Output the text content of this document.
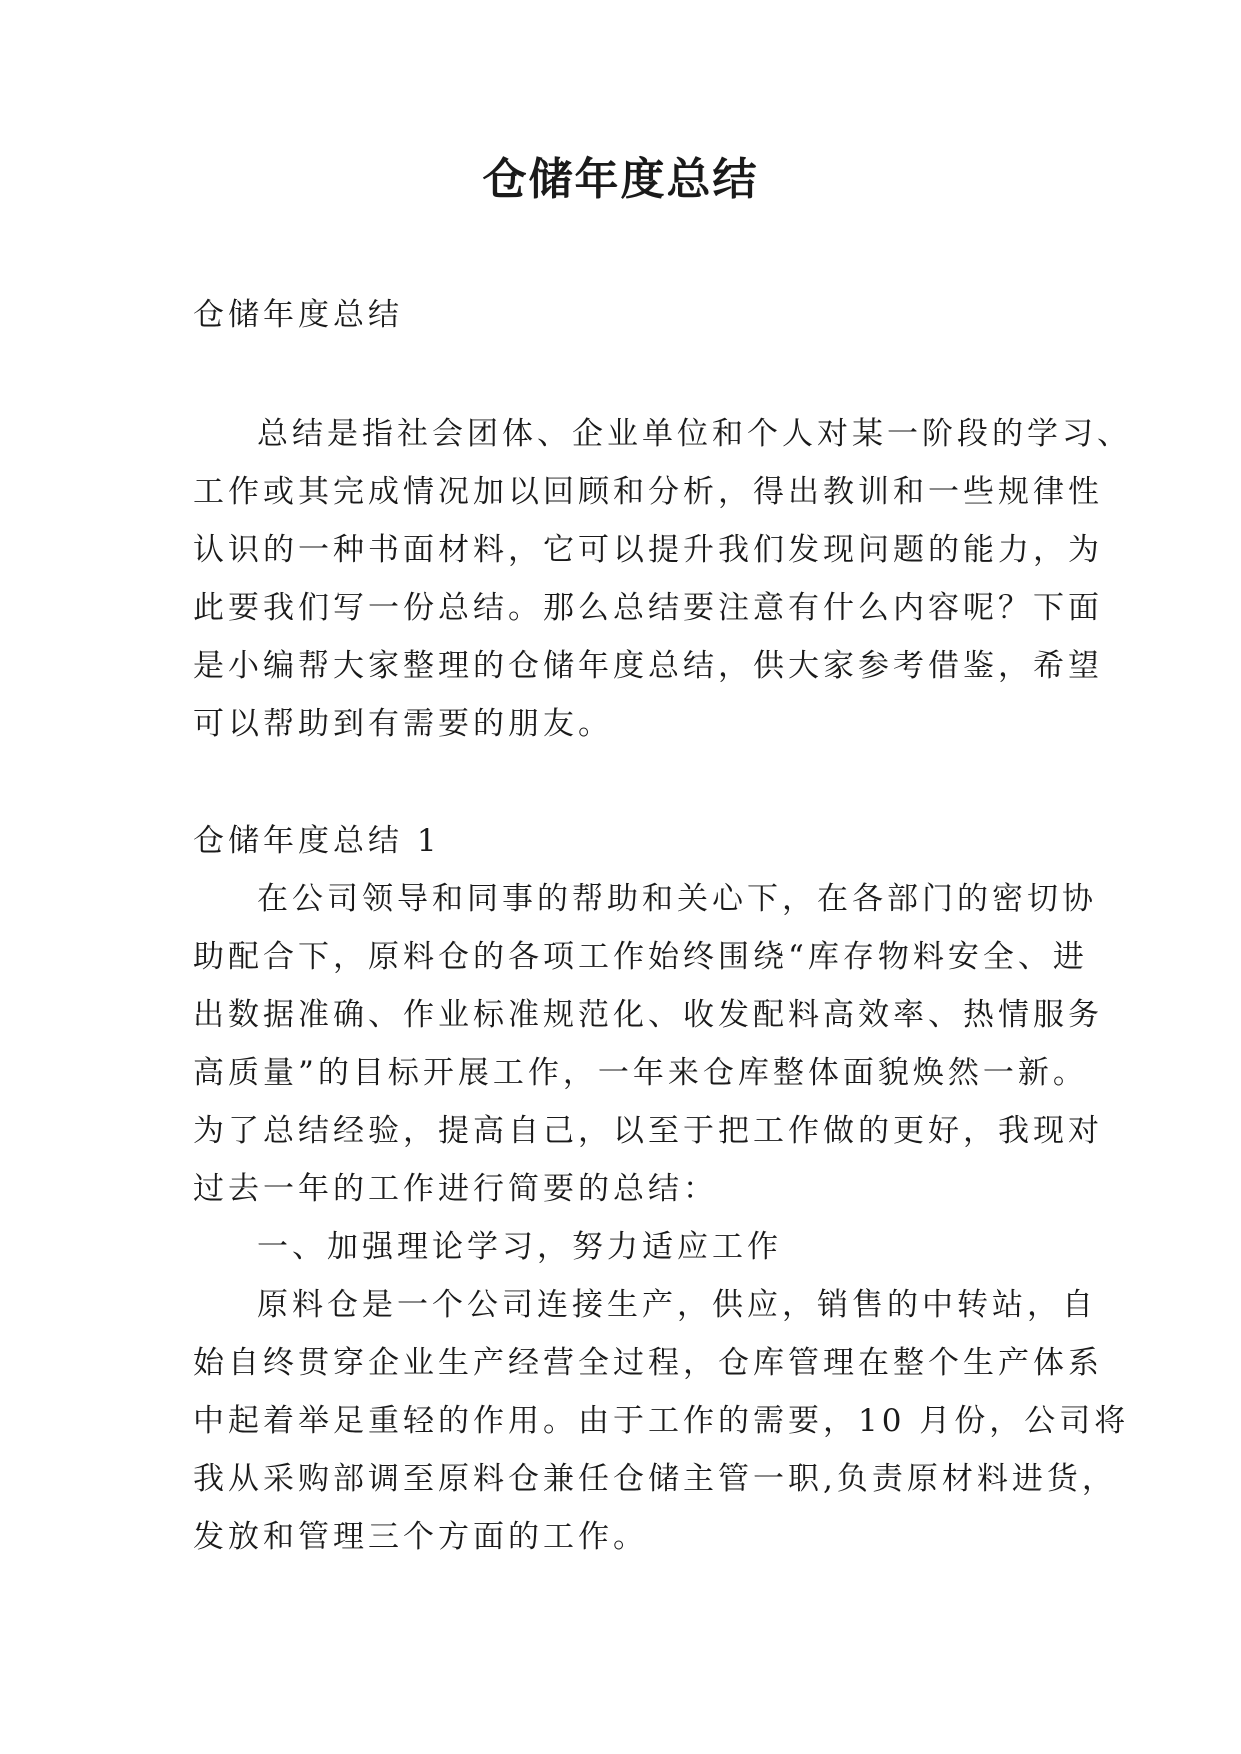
仓储年度总结

仓储年度总结

总结是指社会团体、企业单位和个人对某一阶段的学习、
工作或其完成情况加以回顾和分析，得出教训和一些规律性
认识的一种书面材料，它可以提升我们发现问题的能力，为
此要我们写一份总结。那么总结要注意有什么内容呢？下面
是小编帮大家整理的仓储年度总结，供大家参考借鉴，希望
可以帮助到有需要的朋友。

仓储年度总结 1

在公司领导和同事的帮助和关心下，在各部门的密切协
助配合下，原料仓的各项工作始终围绕“库存物料安全、进
出数据准确、作业标准规范化、收发配料高效率、热情服务
高质量”的目标开展工作，一年来仓库整体面貌焕然一新。
为了总结经验，提高自己，以至于把工作做的更好，我现对
过去一年的工作进行简要的总结：

一、加强理论学习，努力适应工作

原料仓是一个公司连接生产，供应，销售的中转站，自
始自终贯穿企业生产经营全过程，仓库管理在整个生产体系
中起着举足重轻的作用。由于工作的需要，10 月份，公司将
我从采购部调至原料仓兼任仓储主管一职,负责原材料进货，
发放和管理三个方面的工作。
